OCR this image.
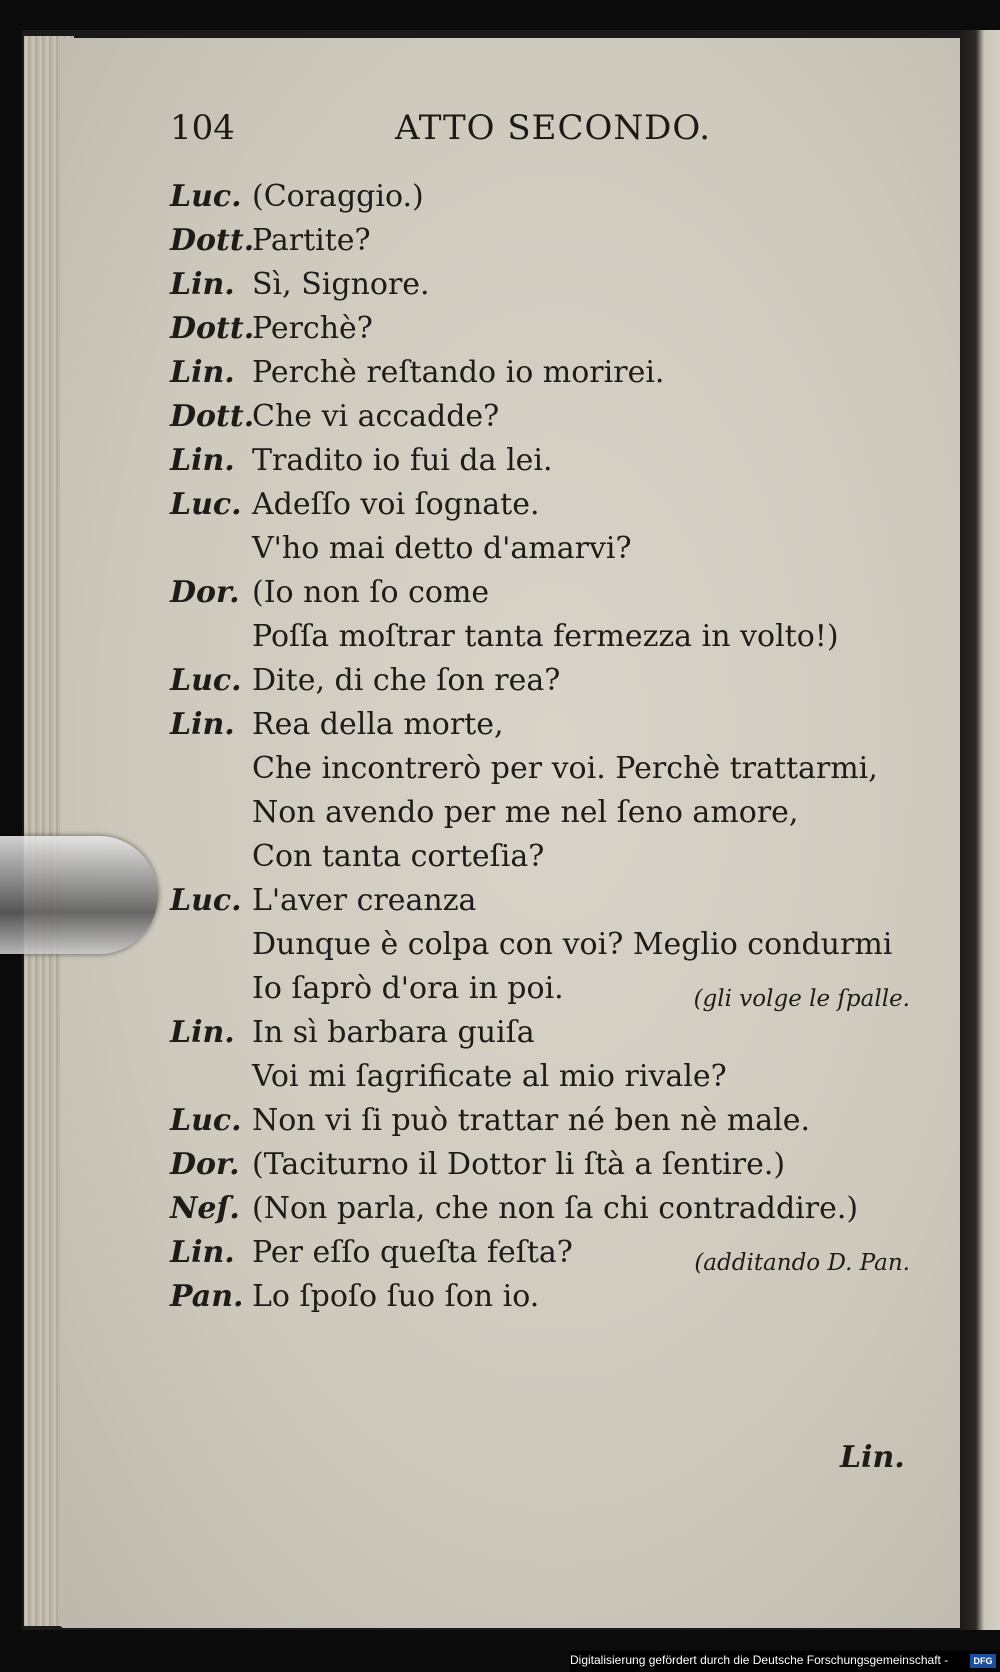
104	ATTO SECONDO.
Luc. (Coraggio.)
Dott.
Partite?
Lin. Sì, Signore.
Dott.
Perchè?
Lin. Perchè reſtando io morirei.
Dott.
Che vi accadde?
Lin. Tradito io fui da lei.
Luc. Adeſſo voi ſognate.
V'ho mai detto d'amarvi?
Dor. (Io non ſo come
Poſſa moſtrar tanta fermezza in volto!)
Luc. Dite, di che ſon rea?
Lin. Rea della morte,
Che incontrerò per voi. Perchè trattarmi,
Non avendo per me nel ſeno amore,
Con tanta corteſia?
Luc. L'aver creanza
Dunque è colpa con voi? Meglio condurmi
Io ſaprò d'ora in poi.	(gli volge le ſpalle.
Lin. In sì barbara guiſa
Voi mi ſagrificate al mio rivale?
Luc. Non vi ſi può trattar né ben nè male.
Dor. (Taciturno il Dottor li ſtà a ſentire.)
Neſ. (Non parla, che non ſa chi contraddire.)
Lin. Per eſſo queſta feſta?	(additando D. Pan.
Pan. Lo ſpoſo ſuo ſon io.
Lin.
Digitalisierung gefördert durch die Deutsche Forschungsgemeinschaft -	DFG
